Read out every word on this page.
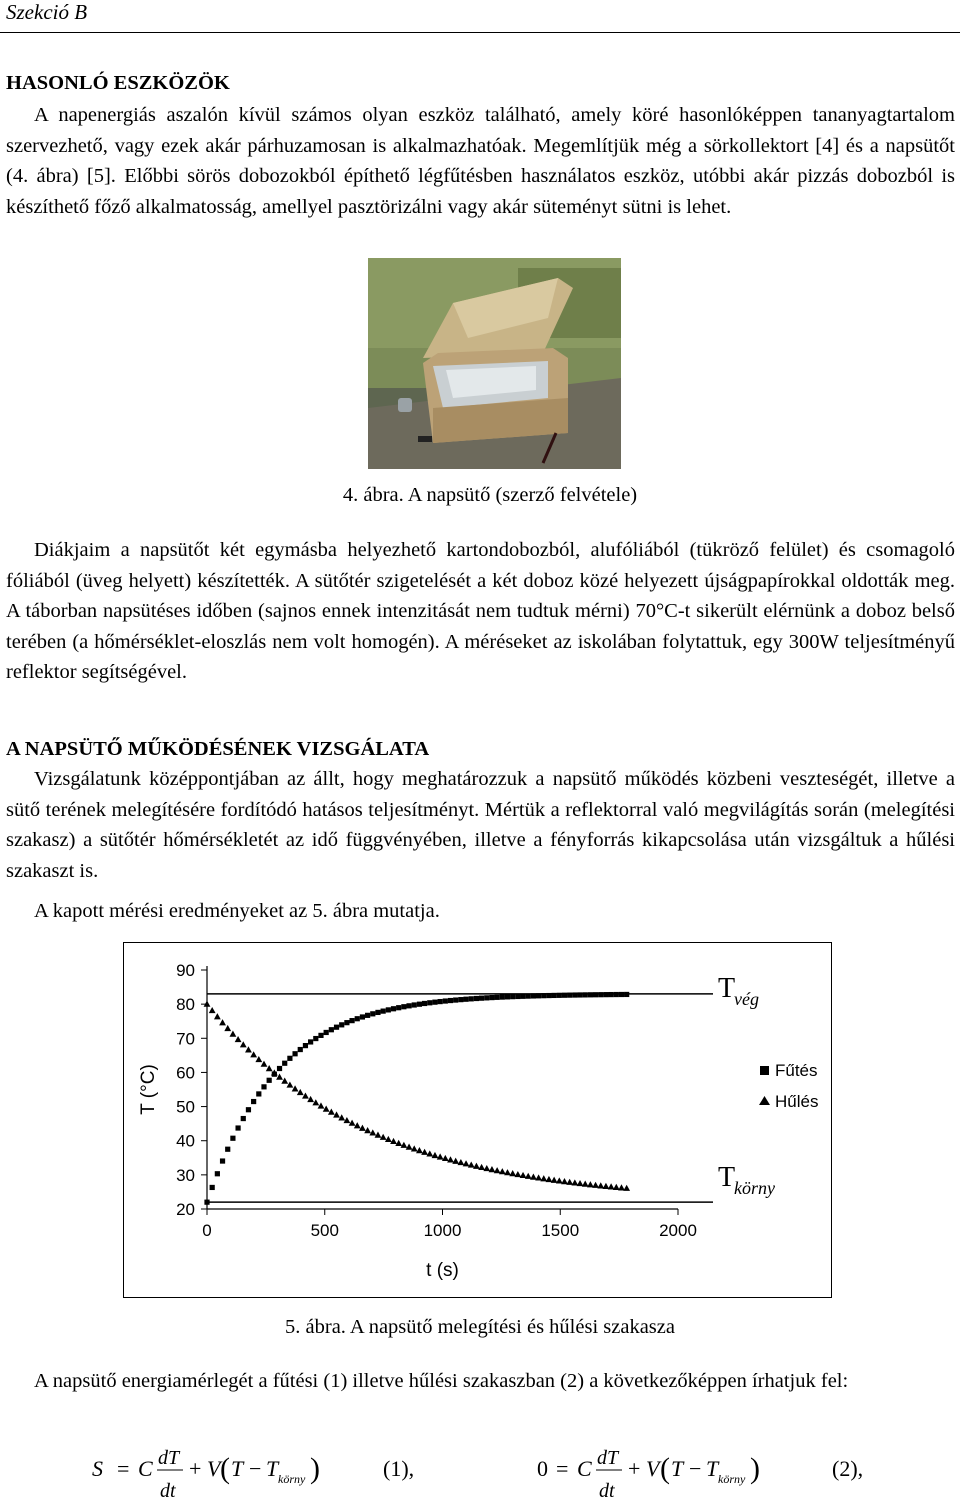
Szekció B
HASONLÓ ESZKÖZÖK

A napenergiás aszalón kívül számos olyan eszköz található, amely köré hasonlóképpen tananyagtartalom szervezhető, vagy ezek akár párhuzamosan is alkalmazhatóak. Megemlítjük még a sörkollektort [4] és a napsütőt (4. ábra) [5]. Előbbi sörös dobozokból építhető légfűtésben használatos eszköz, utóbbi akár pizzás dobozból is készíthető főző alkalmatosság, amellyel pasztörizálni vagy akár süteményt sütni is lehet.

4. ábra. A napsütő (szerző felvétele)

Diákjaim a napsütőt két egymásba helyezhető kartondobozból, alufóliából (tükröző felület) és csomagoló fóliából (üveg helyett) készítették. A sütőtér szigetelését a két doboz közé helyezett újságpapírokkal oldották meg. A táborban napsütéses időben (sajnos ennek intenzitását nem tudtuk mérni) 70°C-t sikerült elérnünk a doboz belső terében (a hőmérséklet-eloszlás nem volt homogén). A méréseket az iskolában folytattuk, egy 300W teljesítményű reflektor segítségével.

A NAPSÜTŐ MŰKÖDÉSÉNEK VIZSGÁLATA

Vizsgálatunk középpontjában az állt, hogy meghatározzuk a napsütő működés közbeni veszteségét, illetve a sütő terének melegítésére fordítódó hatásos teljesítményt. Mértük a reflektorral való megvilágítás során (melegítési szakasz) a sütőtér hőmérsékletét az idő függvényében, illetve a fényforrás kikapcsolása után vizsgáltuk a hűlési szakaszt is.

A kapott mérési eredményeket az 5. ábra mutatja.

0	500	1000	1500	2000
20
30
40
50
60
70
80
90
t (s)
T (°C)	Fűtés
Hűlés
T
vég
T
körny
5. ábra. A napsütő melegítési és hűlési szakasza

A napsütő energiamérlegét a fűtési (1) illetve hűlési szakaszban (2) a következőképpen írhatjuk fel:

S = C dT
dt
+ V ( T − T körny )	(1),	0 = C dT
dt
+ V ( T − T körny )	(2),
